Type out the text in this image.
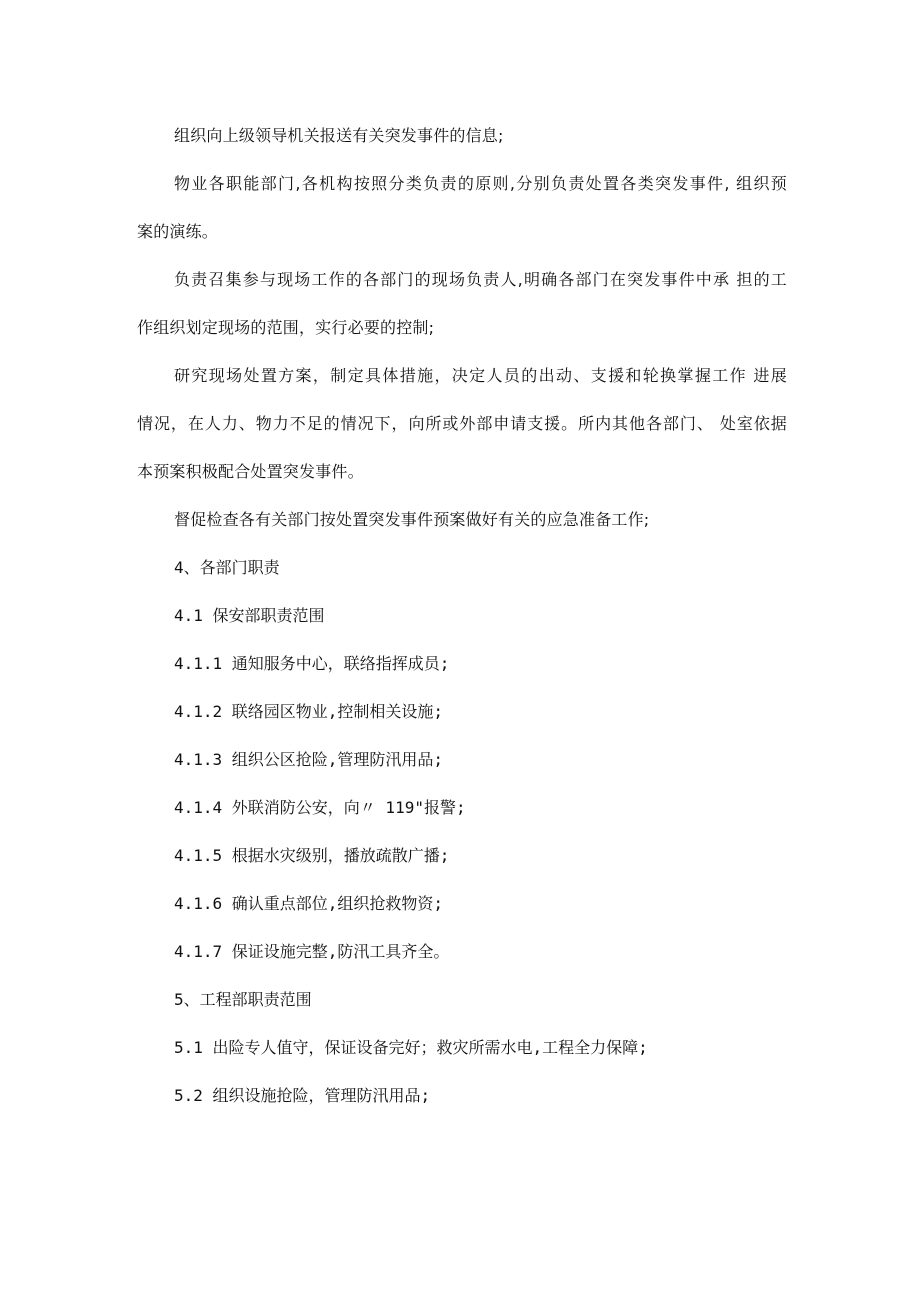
组织向上级领导机关报送有关突发事件的信息;
物业各职能部门,各机构按照分类负责的原则,分别负责处置各类突发事件, 组织预
案的演练。
负责召集参与现场工作的各部门的现场负责人,明确各部门在突发事件中承 担的工
作组织划定现场的范围，实行必要的控制;
研究现场处置方案，制定具体措施，决定人员的出动、支援和轮换掌握工作 进展
情况，在人力、物力不足的情况下，向所或外部申请支援。所内其他各部门、 处室依据
本预案积极配合处置突发事件。
督促检查各有关部门按处置突发事件预案做好有关的应急准备工作;
4、各部门职责
4.1 保安部职责范围
4.1.1 通知服务中心，联络指挥成员;
4.1.2 联络园区物业,控制相关设施;
4.1.3 组织公区抢险,管理防汛用品;
4.1.4 外联消防公安，向〃 119"报警;
4.1.5 根据水灾级别，播放疏散广播;
4.1.6 确认重点部位,组织抢救物资;
4.1.7 保证设施完整,防汛工具齐全。
5、工程部职责范围
5.1 出险专人值守，保证设备完好；救灾所需水电,工程全力保障;
5.2 组织设施抢险，管理防汛用品;
